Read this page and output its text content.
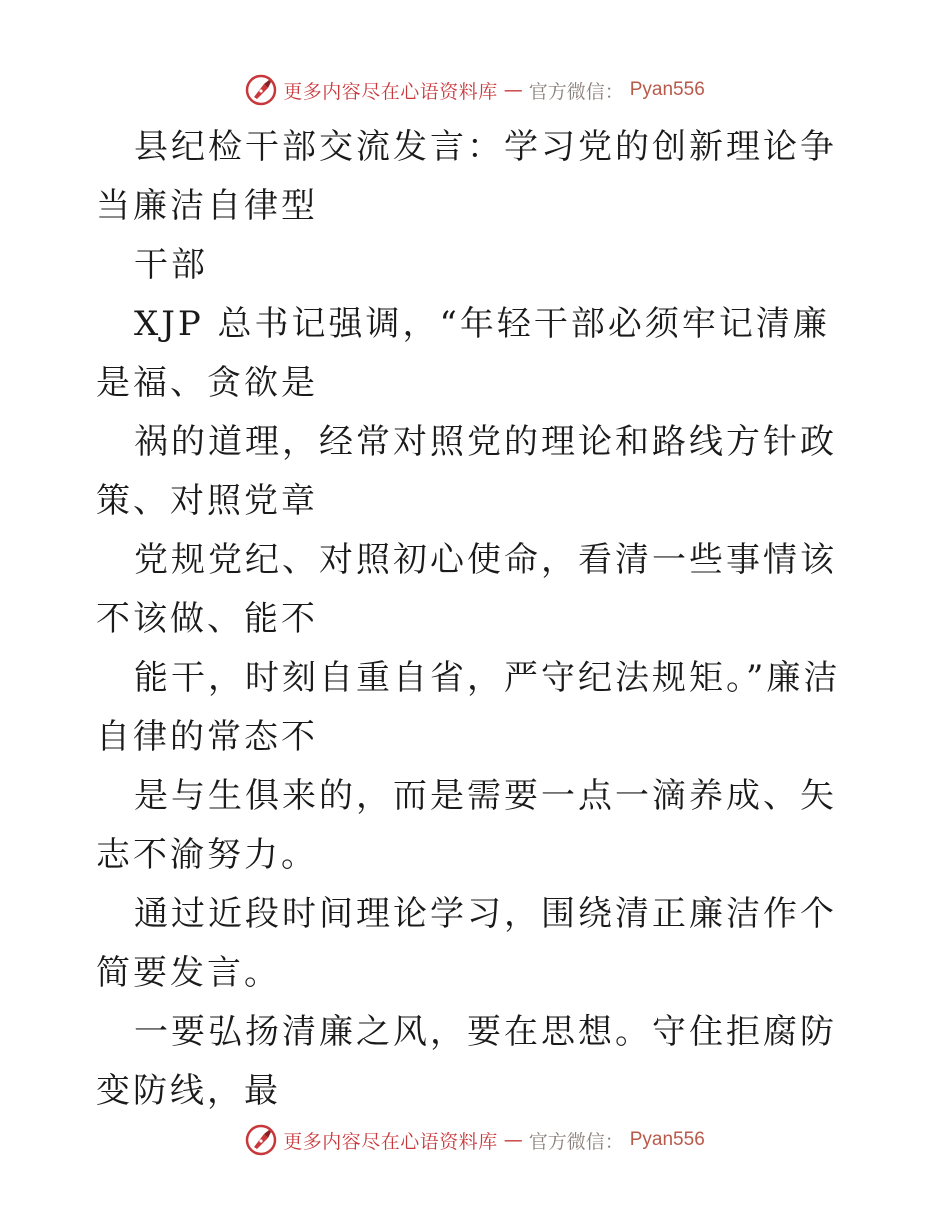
更多内容尽在心语资料库 — 官方微信： Pyan556

县纪检干部交流发言：学习党的创新理论争当廉洁自律型

干部

XJP 总书记强调，“年轻干部必须牢记清廉是福、贪欲是

祸的道理，经常对照党的理论和路线方针政策、对照党章

党规党纪、对照初心使命，看清一些事情该不该做、能不

能干，时刻自重自省，严守纪法规矩。”廉洁自律的常态不

是与生俱来的，而是需要一点一滴养成、矢志不渝努力。

通过近段时间理论学习，围绕清正廉洁作个简要发言。

一要弘扬清廉之风，要在思想。守住拒腐防变防线，最

更多内容尽在心语资料库 — 官方微信： Pyan556
